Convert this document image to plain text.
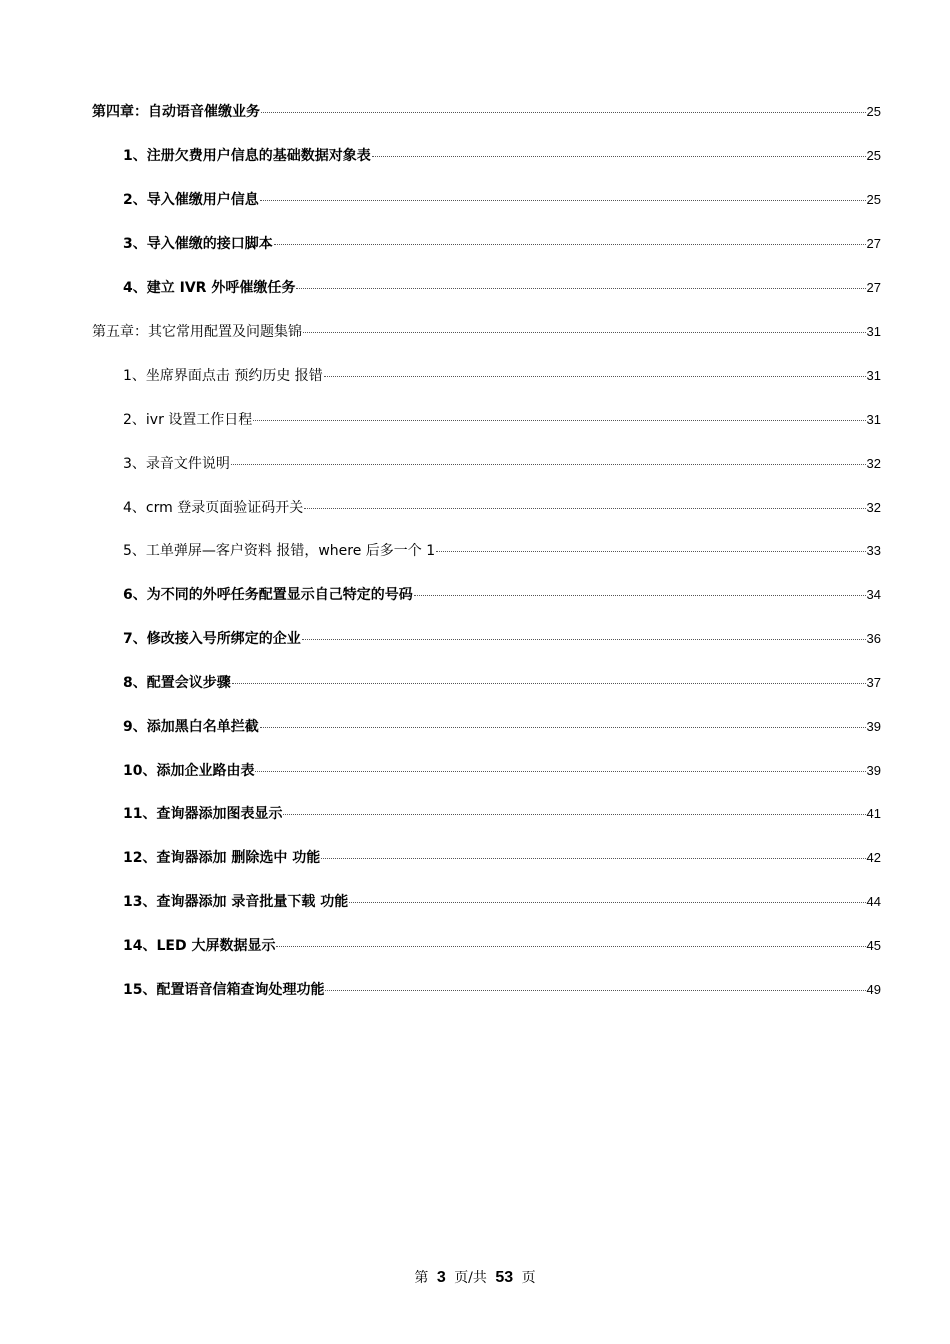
第四章：自动语音催缴业务	25
1、注册欠费用户信息的基础数据对象表	25
2、导入催缴用户信息	25
3、导入催缴的接口脚本	27
4、建立 IVR 外呼催缴任务	27
第五章：其它常用配置及问题集锦	31
1、坐席界面点击 预约历史 报错	31
2、ivr 设置工作日程	31
3、录音文件说明	32
4、crm 登录页面验证码开关	32
5、工单弹屏—客户资料 报错，where 后多一个 1	33
6、为不同的外呼任务配置显示自己特定的号码	34
7、修改接入号所绑定的企业	36
8、配置会议步骤	37
9、添加黑白名单拦截	39
10、添加企业路由表	39
11、查询器添加图表显示	41
12、查询器添加 删除选中 功能	42
13、查询器添加 录音批量下载 功能	44
14、LED 大屏数据显示	45
15、配置语音信箱查询处理功能	49
第 3 页/共 53 页
